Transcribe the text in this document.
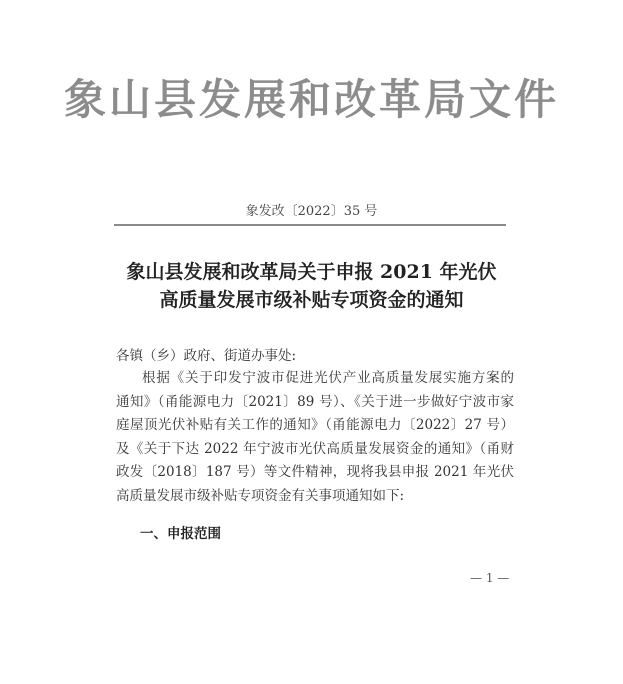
象山县发展和改革局文件
象发改〔2022〕35 号
象山县发展和改革局关于申报 2021 年光伏
高质量发展市级补贴专项资金的通知
各镇（乡）政府、街道办事处:
根据《关于印发宁波市促进光伏产业高质量发展实施方案的
通知》（甬能源电力〔2021〕89 号）、《关于进一步做好宁波市家
庭屋顶光伏补贴有关工作的通知》（甬能源电力〔2022〕27 号）
及《关于下达 2022 年宁波市光伏高质量发展资金的通知》（甬财
政发〔2018〕187 号）等文件精神，现将我县申报 2021 年光伏
高质量发展市级补贴专项资金有关事项通知如下:
一、申报范围
— 1 —
